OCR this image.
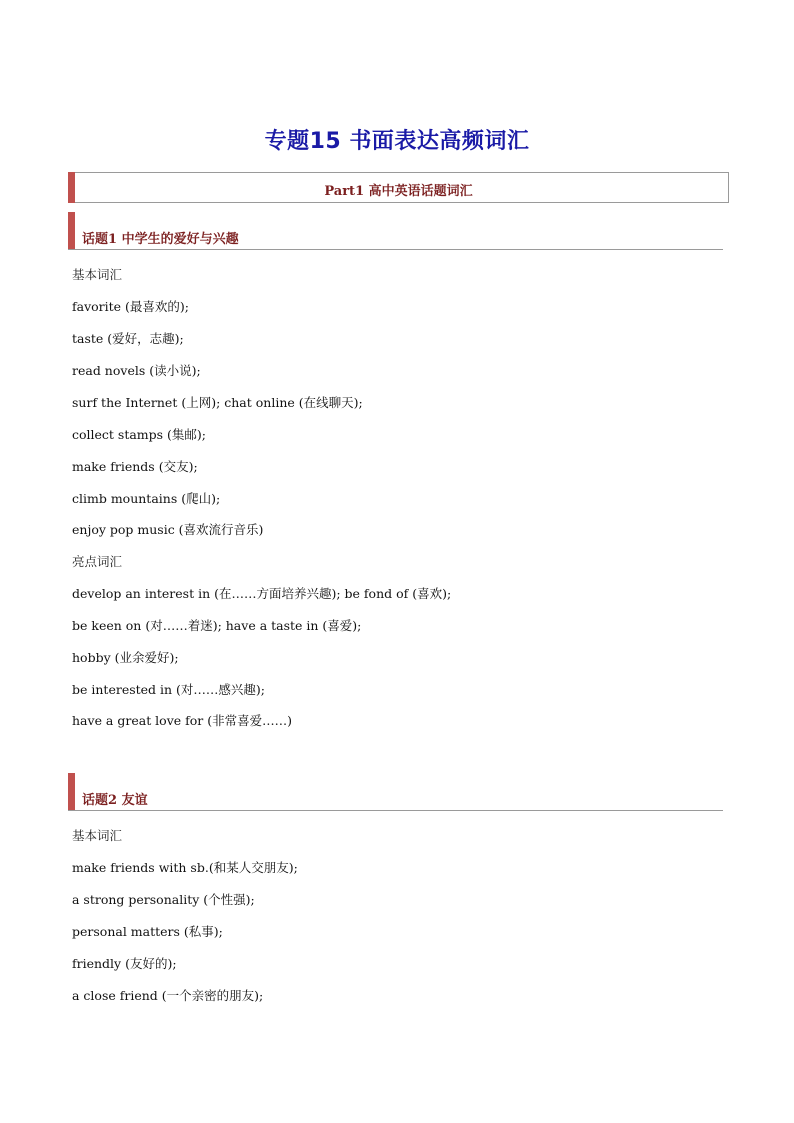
专题15 书面表达高频词汇
Part1 高中英语话题词汇
话题1 中学生的爱好与兴趣
基本词汇
favorite (最喜欢的);
taste (爱好，志趣);
read novels (读小说);
surf the Internet (上网); chat online (在线聊天);
collect stamps (集邮);
make friends (交友);
climb mountains (爬山);
enjoy pop music (喜欢流行音乐)
亮点词汇
develop an interest in (在……方面培养兴趣); be fond of (喜欢);
be keen on (对……着迷); have a taste in (喜爱);
hobby (业余爱好);
be interested in (对……感兴趣);
have a great love for (非常喜爱……)
话题2 友谊
基本词汇
make friends with sb.(和某人交朋友);
a strong personality (个性强);
personal matters (私事);
friendly (友好的);
a close friend (一个亲密的朋友);
